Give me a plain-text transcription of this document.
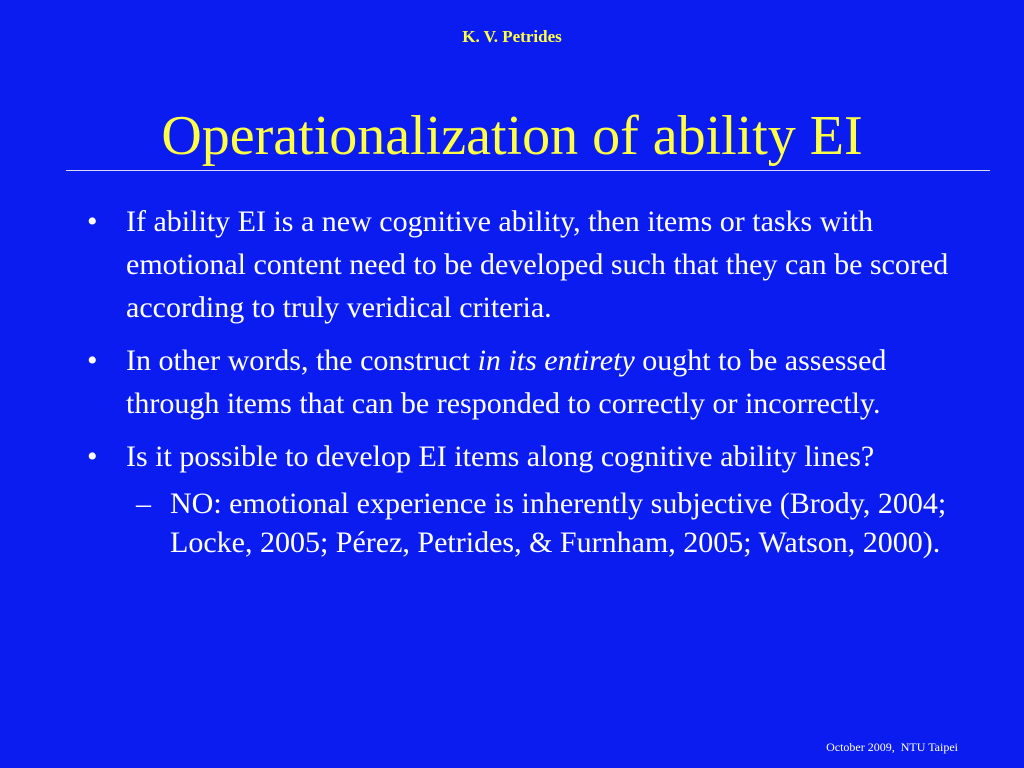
K. V. Petrides
Operationalization of ability EI
• If ability EI is a new cognitive ability, then items or tasks with emotional content need to be developed such that they can be scored according to truly veridical criteria.
• In other words, the construct in its entirety ought to be assessed through items that can be responded to correctly or incorrectly.
• Is it possible to develop EI items along cognitive ability lines?
– NO: emotional experience is inherently subjective (Brody, 2004; Locke, 2005; Pérez, Petrides, & Furnham, 2005; Watson, 2000).
October 2009,  NTU Taipei
